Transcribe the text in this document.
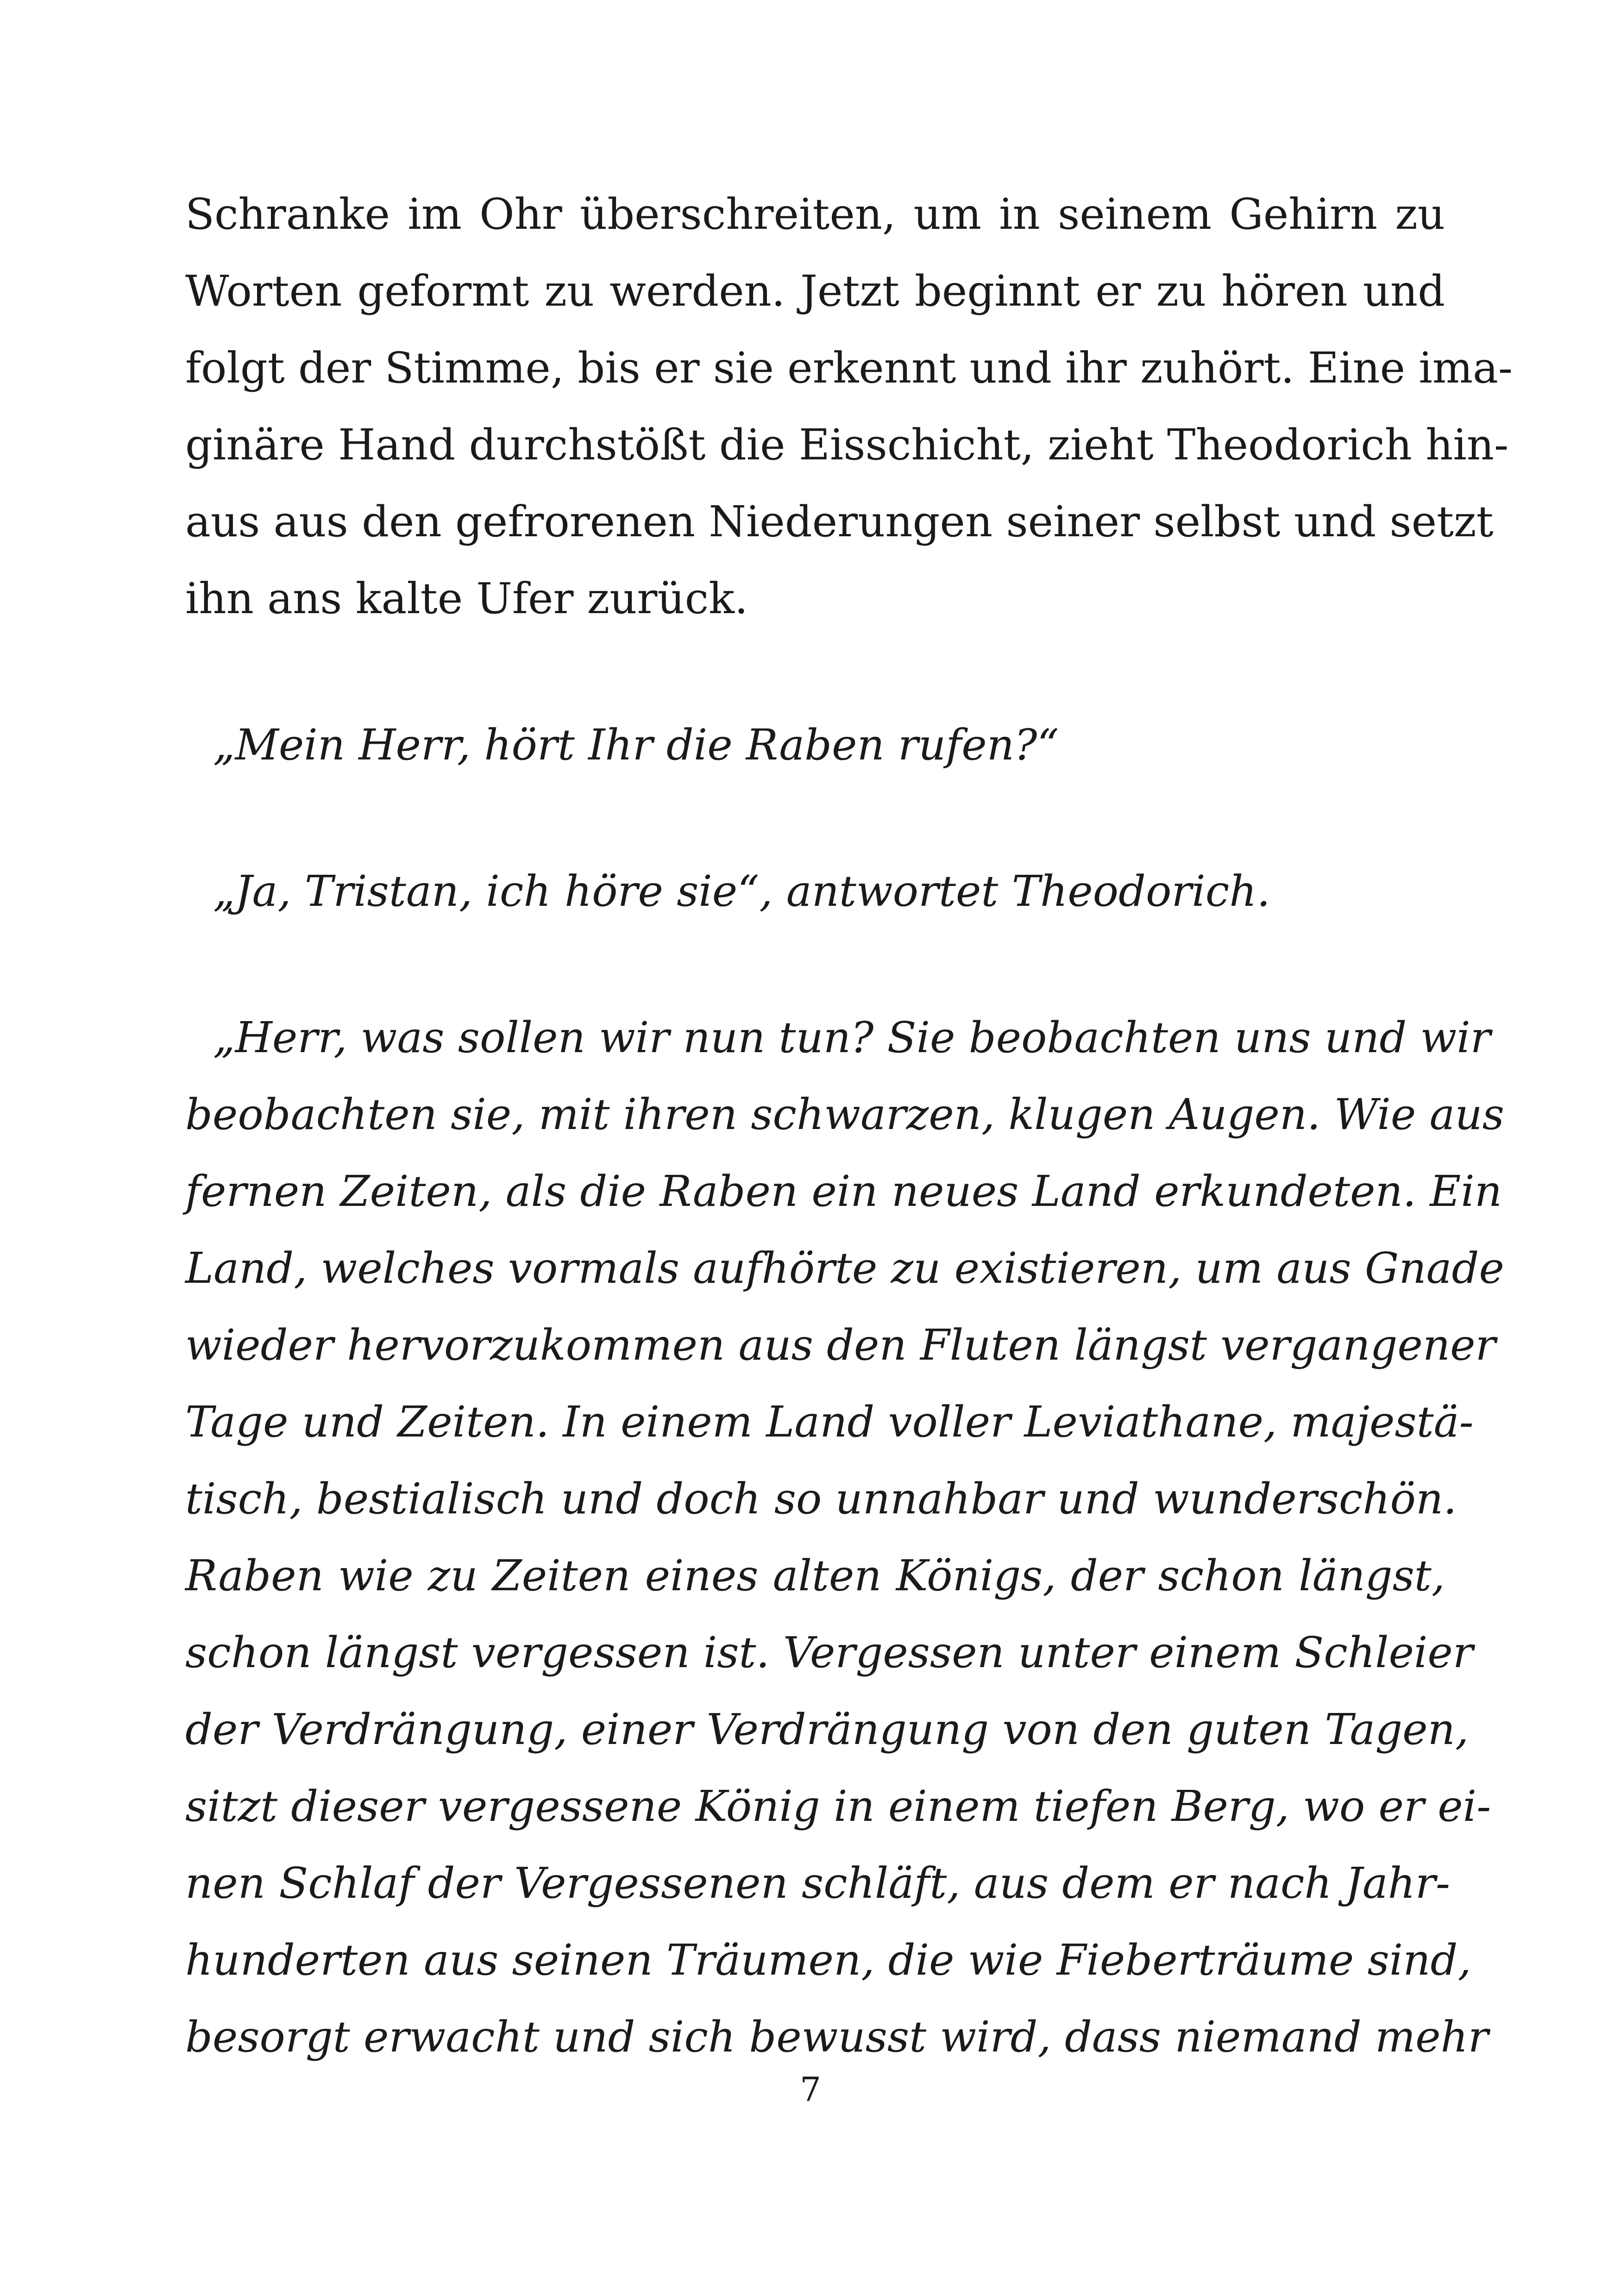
Schranke im Ohr überschreiten, um in seinem Gehirn zu
Worten geformt zu werden. Jetzt beginnt er zu hören und
folgt der Stimme, bis er sie erkennt und ihr zuhört. Eine ima-
ginäre Hand durchstößt die Eisschicht, zieht Theodorich hin-
aus aus den gefrorenen Niederungen seiner selbst und setzt
ihn ans kalte Ufer zurück.
„Mein Herr, hört Ihr die Raben rufen?“
„Ja, Tristan, ich höre sie“, antwortet Theodorich.
„Herr, was sollen wir nun tun? Sie beobachten uns und wir
beobachten sie, mit ihren schwarzen, klugen Augen. Wie aus
fernen Zeiten, als die Raben ein neues Land erkundeten. Ein
Land, welches vormals aufhörte zu existieren, um aus Gnade
wieder hervorzukommen aus den Fluten längst vergangener
Tage und Zeiten. In einem Land voller Leviathane, majestä-
tisch, bestialisch und doch so unnahbar und wunderschön.
Raben wie zu Zeiten eines alten Königs, der schon längst,
schon längst vergessen ist. Vergessen unter einem Schleier
der Verdrängung, einer Verdrängung von den guten Tagen,
sitzt dieser vergessene König in einem tiefen Berg, wo er ei-
nen Schlaf der Vergessenen schläft, aus dem er nach Jahr-
hunderten aus seinen Träumen, die wie Fieberträume sind,
besorgt erwacht und sich bewusst wird, dass niemand mehr
7
